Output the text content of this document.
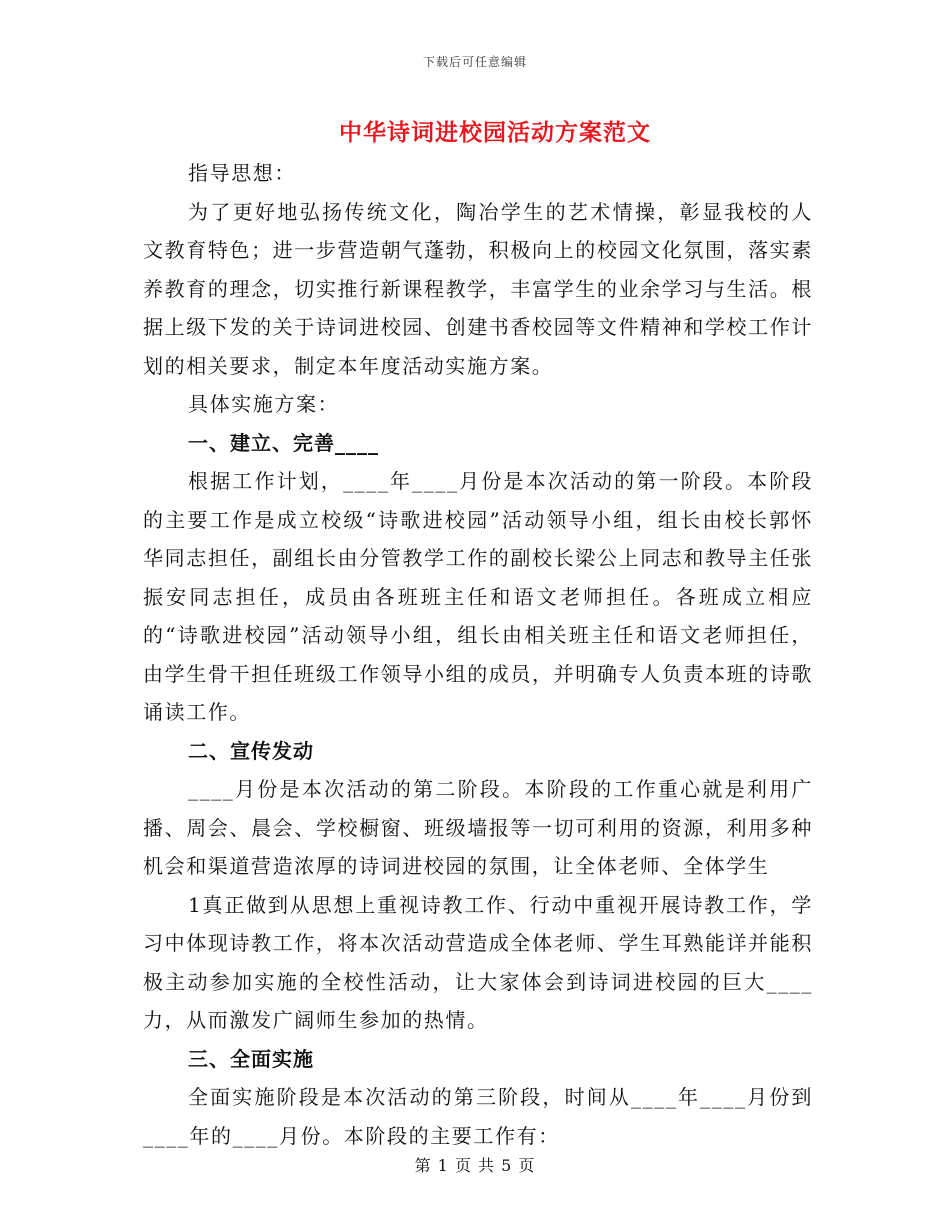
下载后可任意编辑
中华诗词进校园活动方案范文

指导思想：

为了更好地弘扬传统文化，陶冶学生的艺术情操，彰显我校的人文教育特色；进一步营造朝气蓬勃，积极向上的校园文化氛围，落实素养教育的理念，切实推行新课程教学，丰富学生的业余学习与生活。根据上级下发的关于诗词进校园、创建书香校园等文件精神和学校工作计划的相关要求，制定本年度活动实施方案。

具体实施方案：

一、建立、完善____

根据工作计划，____年____月份是本次活动的第一阶段。本阶段的主要工作是成立校级“诗歌进校园”活动领导小组，组长由校长郭怀华同志担任，副组长由分管教学工作的副校长梁公上同志和教导主任张振安同志担任，成员由各班班主任和语文老师担任。各班成立相应的“诗歌进校园”活动领导小组，组长由相关班主任和语文老师担任，由学生骨干担任班级工作领导小组的成员，并明确专人负责本班的诗歌诵读工作。

二、宣传发动

____月份是本次活动的第二阶段。本阶段的工作重心就是利用广播、周会、晨会、学校橱窗、班级墙报等一切可利用的资源，利用多种机会和渠道营造浓厚的诗词进校园的氛围，让全体老师、全体学生

1真正做到从思想上重视诗教工作、行动中重视开展诗教工作，学习中体现诗教工作，将本次活动营造成全体老师、学生耳熟能详并能积极主动参加实施的全校性活动，让大家体会到诗词进校园的巨大____力，从而激发广阔师生参加的热情。

三、全面实施

全面实施阶段是本次活动的第三阶段，时间从____年____月份到____年的____月份。本阶段的主要工作有：

第 1 页 共 5 页
